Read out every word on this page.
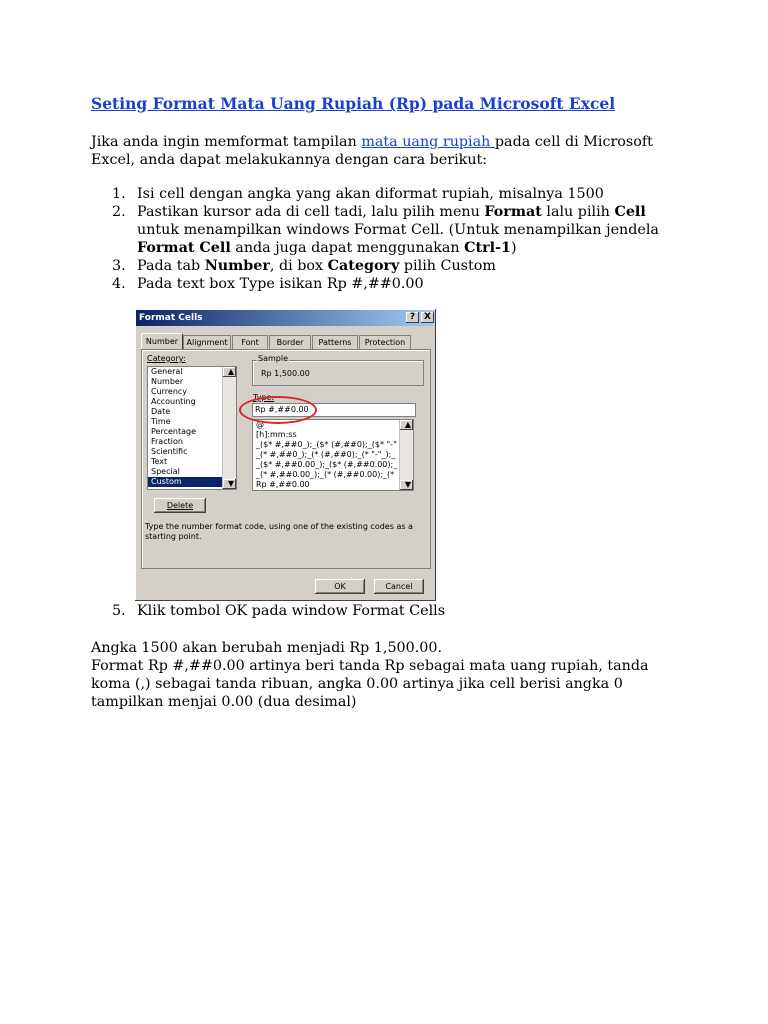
Seting Format Mata Uang Rupiah (Rp) pada Microsoft Excel
Jika anda ingin memformat tampilan mata uang rupiah pada cell di Microsoft Excel, anda dapat melakukannya dengan cara berikut:
1. Isi cell dengan angka yang akan diformat rupiah, misalnya 1500
2. Pastikan kursor ada di cell tadi, lalu pilih menu Format lalu pilih Cell untuk menampilkan windows Format Cell. (Untuk menampilkan jendela Format Cell anda juga dapat menggunakan Ctrl-1)
3. Pada tab Number, di box Category pilih Custom
4. Pada text box Type isikan Rp #,##0.00
Format Cells	? X
Number	Alignment	Font	Border	Patterns	Protection
Category:
General
Number
Currency
Accounting
Date
Time
Percentage
Fraction
Scientific
Text
Special
Custom
▲
▼
Sample
Rp 1,500.00
Type:
Rp #,##0.00
@
[h]:mm:ss
_($* #,##0_);_($* (#,##0);_($* "-"
_(* #,##0_);_(* (#,##0);_(* "-"_);_
_($* #,##0.00_);_($* (#,##0.00);_
_(* #,##0.00_);_(* (#,##0.00);_(*
Rp #,##0.00
▲
▼
Delete
Type the number format code, using one of the existing codes as a starting point.
OK	Cancel
5. Klik tombol OK pada window Format Cells
Angka 1500 akan berubah menjadi Rp 1,500.00.
Format Rp #,##0.00 artinya beri tanda Rp sebagai mata uang rupiah, tanda koma (,) sebagai tanda ribuan, angka 0.00 artinya jika cell berisi angka 0 tampilkan menjai 0.00 (dua desimal)
